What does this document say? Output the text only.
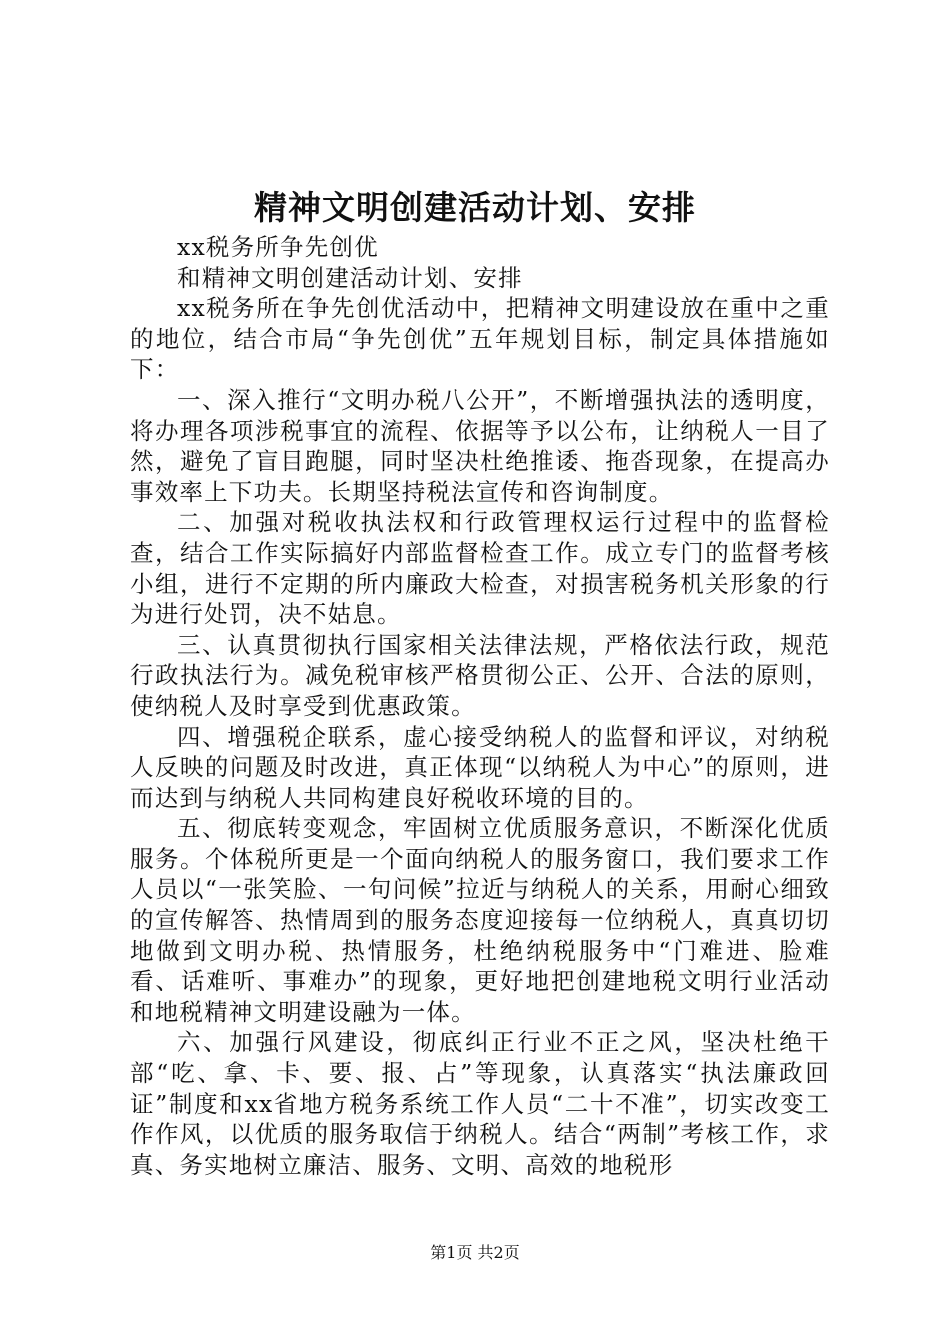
精神文明创建活动计划、安排

xx税务所争先创优

和精神文明创建活动计划、安排

xx税务所在争先创优活动中，把精神文明建设放在重中之重的地位，结合市局“争先创优”五年规划目标，制定具体措施如下：

一、深入推行“文明办税八公开”，不断增强执法的透明度，将办理各项涉税事宜的流程、依据等予以公布，让纳税人一目了然，避免了盲目跑腿，同时坚决杜绝推诿、拖沓现象，在提高办事效率上下功夫。长期坚持税法宣传和咨询制度。

二、加强对税收执法权和行政管理权运行过程中的监督检查，结合工作实际搞好内部监督检查工作。成立专门的监督考核小组，进行不定期的所内廉政大检查，对损害税务机关形象的行为进行处罚，决不姑息。

三、认真贯彻执行国家相关法律法规，严格依法行政，规范行政执法行为。减免税审核严格贯彻公正、公开、合法的原则，使纳税人及时享受到优惠政策。

四、增强税企联系，虚心接受纳税人的监督和评议，对纳税人反映的问题及时改进，真正体现“以纳税人为中心”的原则，进而达到与纳税人共同构建良好税收环境的目的。

五、彻底转变观念，牢固树立优质服务意识，不断深化优质服务。个体税所更是一个面向纳税人的服务窗口，我们要求工作人员以“一张笑脸、一句问候”拉近与纳税人的关系，用耐心细致的宣传解答、热情周到的服务态度迎接每一位纳税人，真真切切地做到文明办税、热情服务，杜绝纳税服务中“门难进、脸难看、话难听、事难办”的现象，更好地把创建地税文明行业活动和地税精神文明建设融为一体。

六、加强行风建设，彻底纠正行业不正之风，坚决杜绝干部“吃、拿、卡、要、报、占”等现象，认真落实“执法廉政回证”制度和xx省地方税务系统工作人员“二十不准”，切实改变工作作风，以优质的服务取信于纳税人。结合“两制”考核工作，求真、务实地树立廉洁、服务、文明、高效的地税形

第1页 共2页
